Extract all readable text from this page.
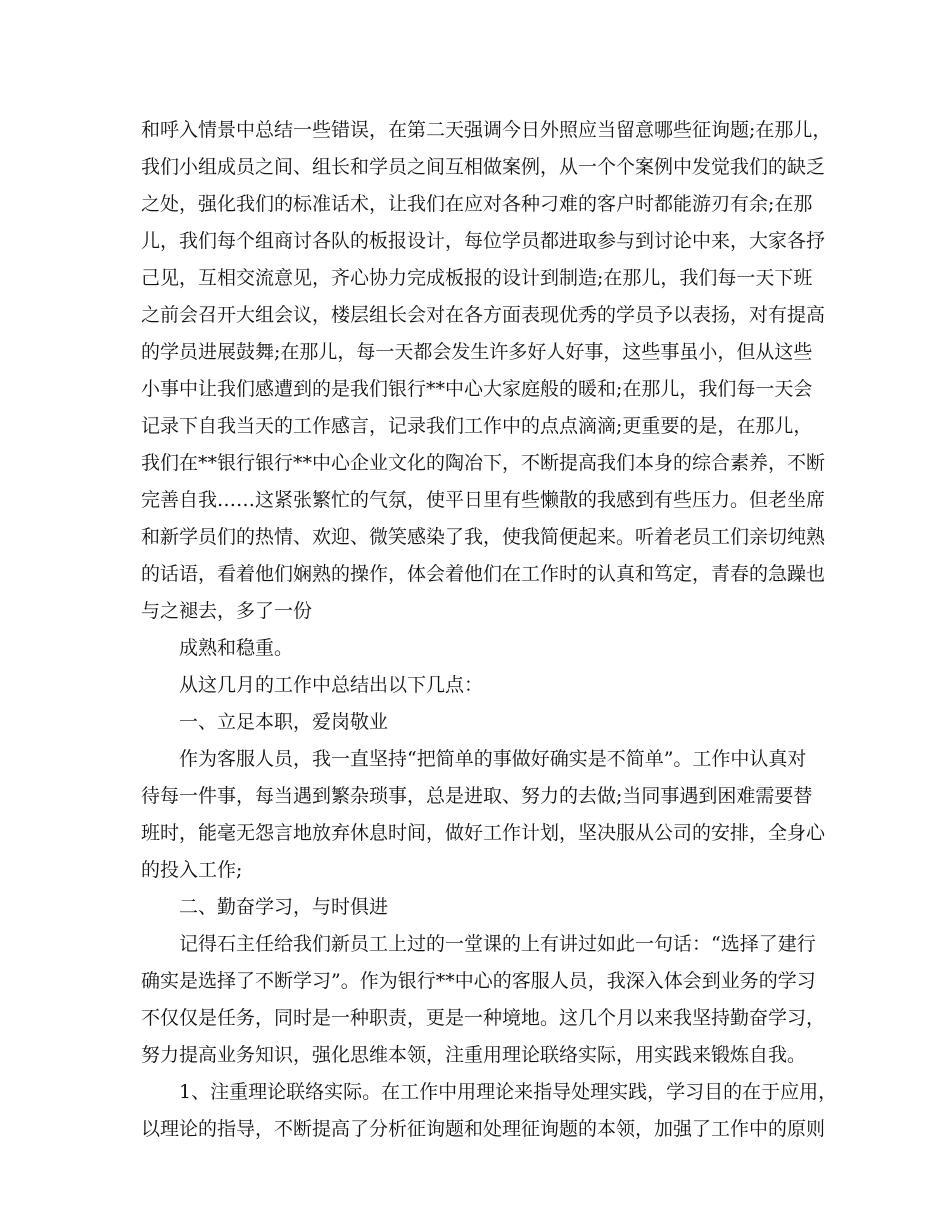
和呼入情景中总结一些错误，在第二天强调今日外照应当留意哪些征询题;在那儿，
我们小组成员之间、组长和学员之间互相做案例，从一个个案例中发觉我们的缺乏
之处，强化我们的标准话术，让我们在应对各种刁难的客户时都能游刃有余;在那
儿，我们每个组商讨各队的板报设计，每位学员都进取参与到讨论中来，大家各抒
己见，互相交流意见，齐心协力完成板报的设计到制造;在那儿，我们每一天下班
之前会召开大组会议，楼层组长会对在各方面表现优秀的学员予以表扬，对有提高
的学员进展鼓舞;在那儿，每一天都会发生许多好人好事，这些事虽小，但从这些
小事中让我们感遭到的是我们银行**中心大家庭般的暖和;在那儿，我们每一天会
记录下自我当天的工作感言，记录我们工作中的点点滴滴;更重要的是，在那儿，
我们在**银行银行**中心企业文化的陶冶下，不断提高我们本身的综合素养，不断
完善自我……这紧张繁忙的气氛，使平日里有些懒散的我感到有些压力。但老坐席
和新学员们的热情、欢迎、微笑感染了我，使我简便起来。听着老员工们亲切纯熟
的话语，看着他们娴熟的操作，体会着他们在工作时的认真和笃定，青春的急躁也
与之褪去，多了一份
成熟和稳重。
从这几月的工作中总结出以下几点：
一、立足本职，爱岗敬业
作为客服人员，我一直坚持“把简单的事做好确实是不简单”。工作中认真对
待每一件事，每当遇到繁杂琐事，总是进取、努力的去做;当同事遇到困难需要替
班时，能毫无怨言地放弃休息时间，做好工作计划，坚决服从公司的安排，全身心
的投入工作;
二、勤奋学习，与时俱进
记得石主任给我们新员工上过的一堂课的上有讲过如此一句话：“选择了建行
确实是选择了不断学习”。作为银行**中心的客服人员，我深入体会到业务的学习
不仅仅是任务，同时是一种职责，更是一种境地。这几个月以来我坚持勤奋学习，
努力提高业务知识，强化思维本领，注重用理论联络实际，用实践来锻炼自我。
1、注重理论联络实际。在工作中用理论来指导处理实践，学习目的在于应用，
以理论的指导，不断提高了分析征询题和处理征询题的本领，加强了工作中的原则
